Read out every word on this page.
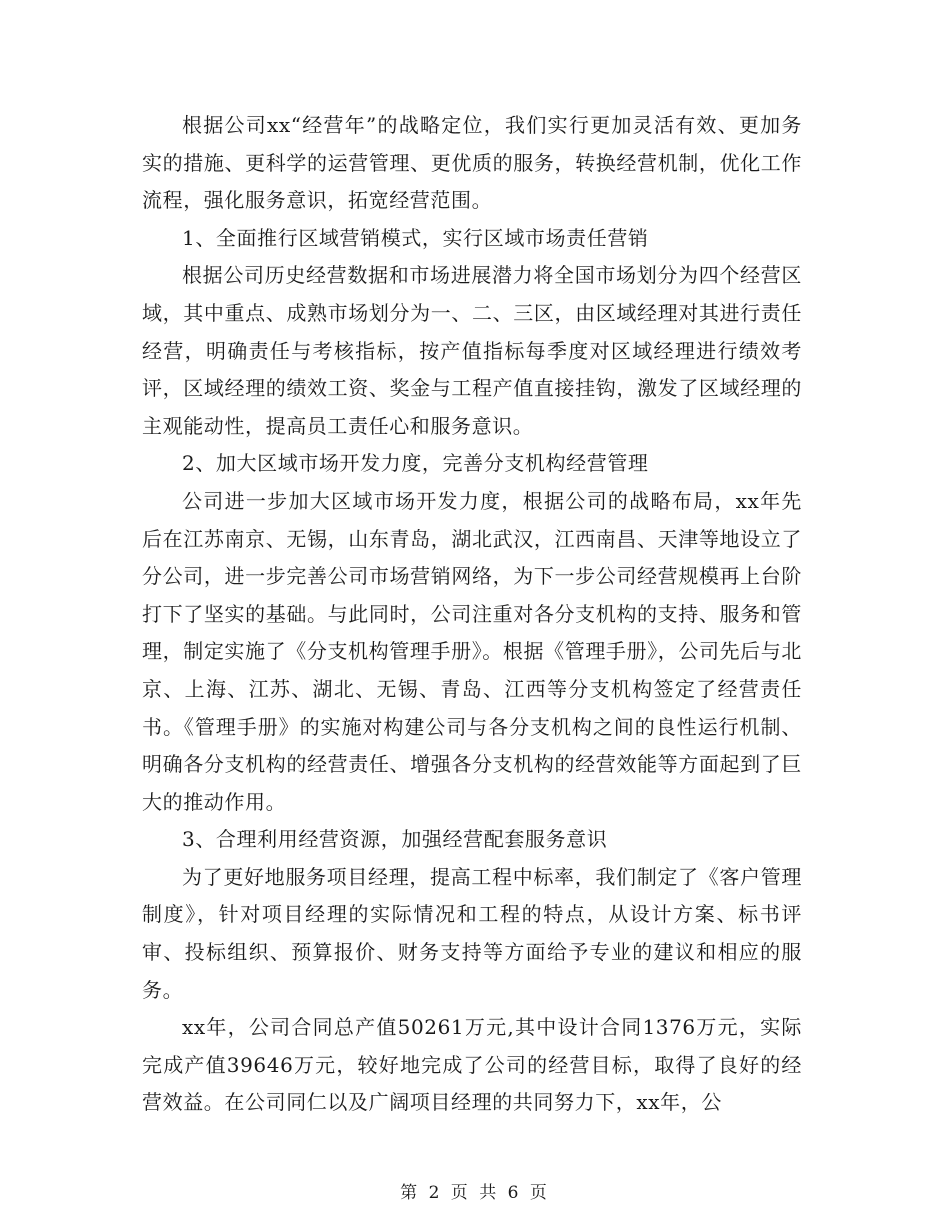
根据公司xx“经营年”的战略定位，我们实行更加灵活有效、更加务实的措施、更科学的运营管理、更优质的服务，转换经营机制，优化工作流程，强化服务意识，拓宽经营范围。

1、全面推行区域营销模式，实行区域市场责任营销

根据公司历史经营数据和市场进展潜力将全国市场划分为四个经营区域，其中重点、成熟市场划分为一、二、三区，由区域经理对其进行责任经营，明确责任与考核指标，按产值指标每季度对区域经理进行绩效考评，区域经理的绩效工资、奖金与工程产值直接挂钩，激发了区域经理的主观能动性，提高员工责任心和服务意识。

2、加大区域市场开发力度，完善分支机构经营管理

公司进一步加大区域市场开发力度，根据公司的战略布局，xx年先后在江苏南京、无锡，山东青岛，湖北武汉，江西南昌、天津等地设立了分公司，进一步完善公司市场营销网络，为下一步公司经营规模再上台阶打下了坚实的基础。与此同时，公司注重对各分支机构的支持、服务和管理，制定实施了《分支机构管理手册》。根据《管理手册》，公司先后与北京、上海、江苏、湖北、无锡、青岛、江西等分支机构签定了经营责任书。《管理手册》的实施对构建公司与各分支机构之间的良性运行机制、明确各分支机构的经营责任、增强各分支机构的经营效能等方面起到了巨大的推动作用。

3、合理利用经营资源，加强经营配套服务意识

为了更好地服务项目经理，提高工程中标率，我们制定了《客户管理制度》，针对项目经理的实际情况和工程的特点，从设计方案、标书评审、投标组织、预算报价、财务支持等方面给予专业的建议和相应的服务。

xx年，公司合同总产值50261万元,其中设计合同1376万元，实际完成产值39646万元，较好地完成了公司的经营目标，取得了良好的经营效益。在公司同仁以及广阔项目经理的共同努力下，xx年，公

第 2 页 共 6 页
